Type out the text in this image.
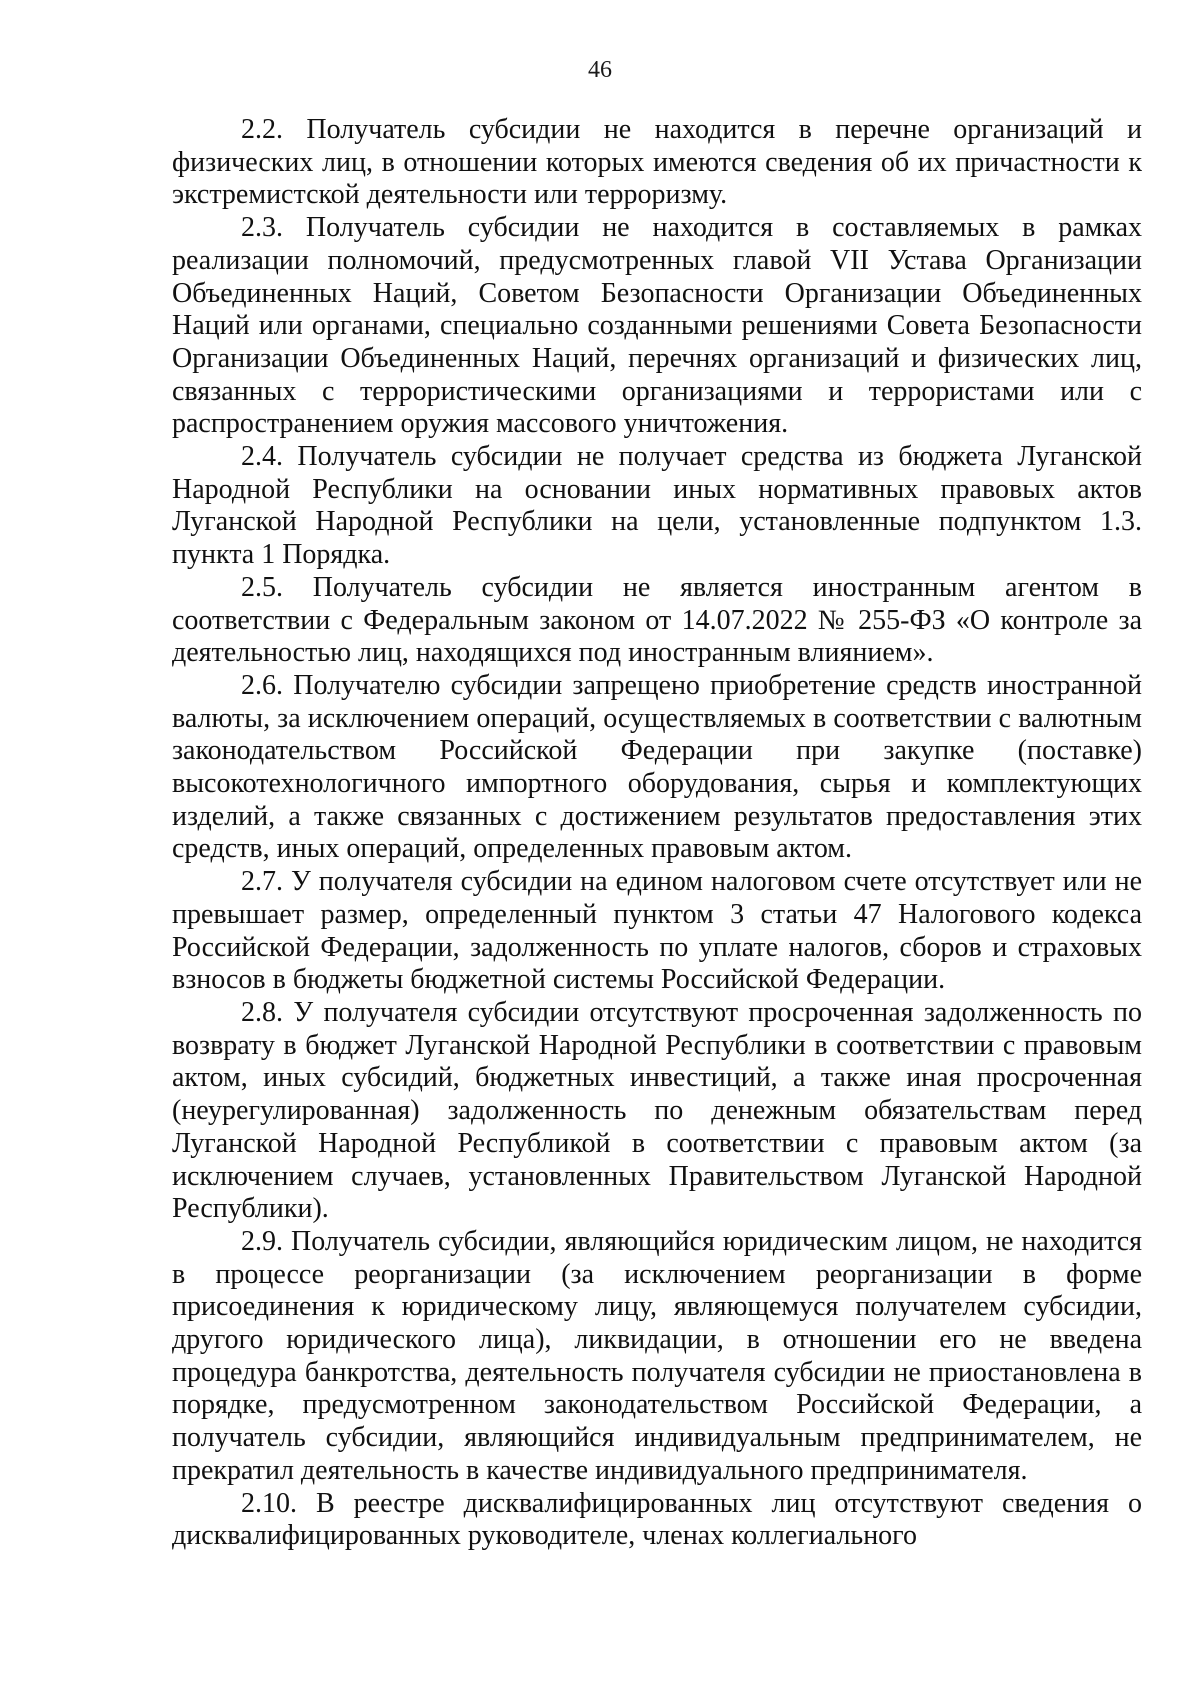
46

2.2. Получатель субсидии не находится в перечне организаций и физических лиц, в отношении которых имеются сведения об их причастности к экстремистской деятельности или терроризму.

2.3. Получатель субсидии не находится в составляемых в рамках реализации полномочий, предусмотренных главой VII Устава Организации Объединенных Наций, Советом Безопасности Организации Объединенных Наций или органами, специально созданными решениями Совета Безопасности Организации Объединенных Наций, перечнях организаций и физических лиц, связанных с террористическими организациями и террористами или с распространением оружия массового уничтожения.

2.4. Получатель субсидии не получает средства из бюджета Луганской Народной Республики на основании иных нормативных правовых актов Луганской Народной Республики на цели, установленные подпунктом 1.3. пункта 1 Порядка.

2.5. Получатель субсидии не является иностранным агентом в соответствии с Федеральным законом от 14.07.2022 № 255-ФЗ «О контроле за деятельностью лиц, находящихся под иностранным влиянием».

2.6. Получателю субсидии запрещено приобретение средств иностранной валюты, за исключением операций, осуществляемых в соответствии с валютным законодательством Российской Федерации при закупке (поставке) высокотехнологичного импортного оборудования, сырья и комплектующих изделий, а также связанных с достижением результатов предоставления этих средств, иных операций, определенных правовым актом.

2.7. У получателя субсидии на едином налоговом счете отсутствует или не превышает размер, определенный пунктом 3 статьи 47 Налогового кодекса Российской Федерации, задолженность по уплате налогов, сборов и страховых взносов в бюджеты бюджетной системы Российской Федерации.

2.8. У получателя субсидии отсутствуют просроченная задолженность по возврату в бюджет Луганской Народной Республики в соответствии с правовым актом, иных субсидий, бюджетных инвестиций, а также иная просроченная (неурегулированная) задолженность по денежным обязательствам перед Луганской Народной Республикой в соответствии с правовым актом (за исключением случаев, установленных Правительством Луганской Народной Республики).

2.9. Получатель субсидии, являющийся юридическим лицом, не находится в процессе реорганизации (за исключением реорганизации в форме присоединения к юридическому лицу, являющемуся получателем субсидии, другого юридического лица), ликвидации, в отношении его не введена процедура банкротства, деятельность получателя субсидии не приостановлена в порядке, предусмотренном законодательством Российской Федерации, а получатель субсидии, являющийся индивидуальным предпринимателем, не прекратил деятельность в качестве индивидуального предпринимателя.

2.10. В реестре дисквалифицированных лиц отсутствуют сведения о дисквалифицированных руководителе, членах коллегиального
